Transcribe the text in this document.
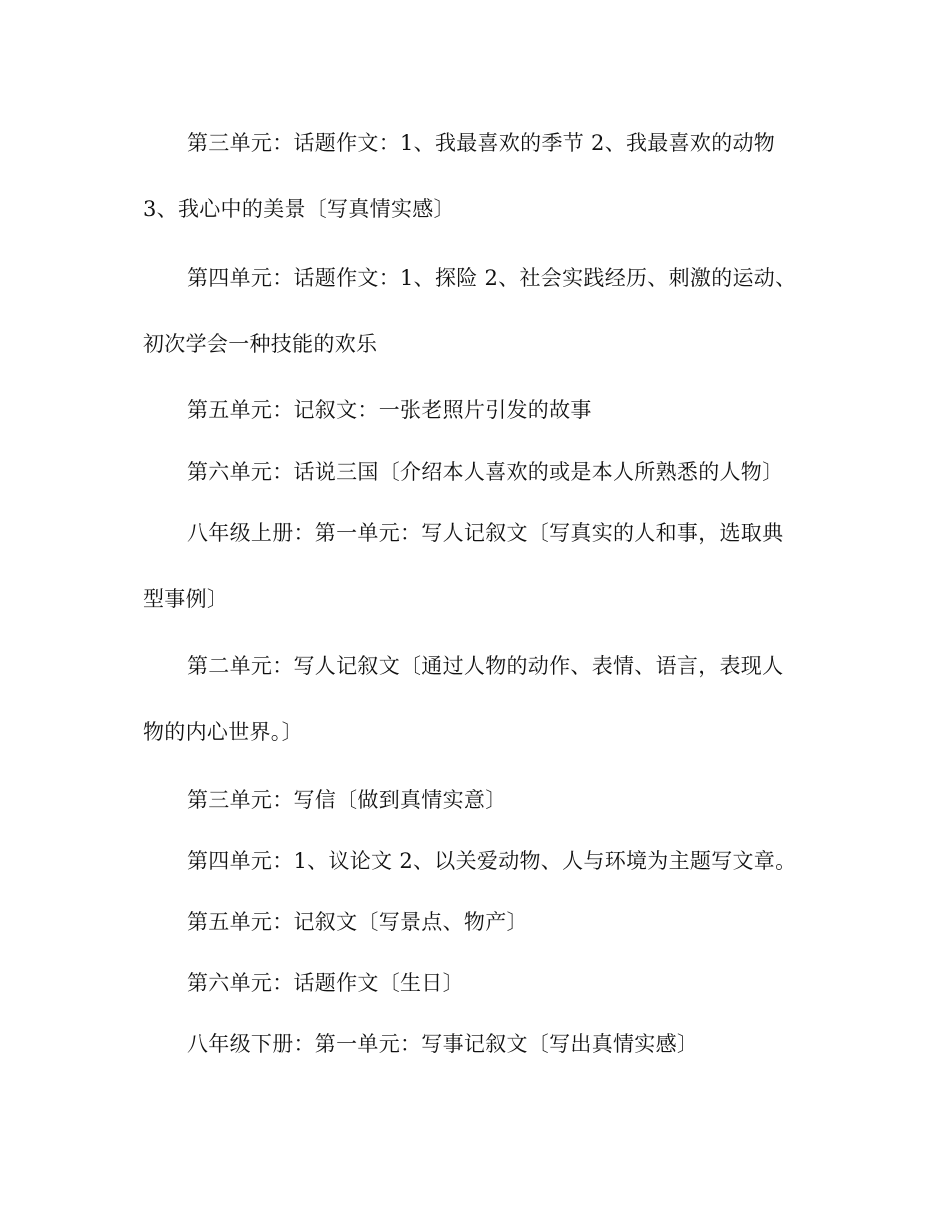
第三单元：话题作文：1、我最喜欢的季节 2、我最喜欢的动物
3、我心中的美景〔写真情实感〕
第四单元：话题作文：1、探险 2、社会实践经历、刺激的运动、
初次学会一种技能的欢乐
第五单元：记叙文：一张老照片引发的故事
第六单元：话说三国〔介绍本人喜欢的或是本人所熟悉的人物〕
八年级上册：第一单元：写人记叙文〔写真实的人和事，选取典
型事例〕
第二单元：写人记叙文〔通过人物的动作、表情、语言，表现人
物的内心世界。〕
第三单元：写信〔做到真情实意〕
第四单元：1、议论文 2、以关爱动物、人与环境为主题写文章。
第五单元：记叙文〔写景点、物产〕
第六单元：话题作文〔生日〕
八年级下册：第一单元：写事记叙文〔写出真情实感〕
